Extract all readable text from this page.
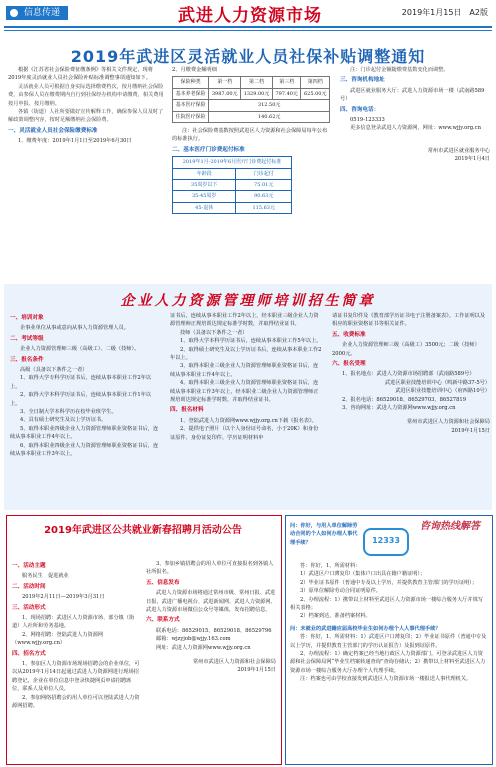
信息传递	武进人力资源市场	2019年1月15日　A2版
2019年武进区灵活就业人员社保补贴调整通知

根据《江苏省社会保险费征缴条例》等相关文件规定，现将2019年度灵活就业人员社会保险补贴标准调整事项通知如下。

灵活就业人员可根据自身实际选择缴费档次，按月缴纳社会保险费，由参保人员在缴费期内自行到社保经办机构申请缴费，相关费用按月申报、按月缴纳。

各镇（街道）人社所要做好宣传解释工作，确保参保人员及时了解政策调整内容，按时足额缴纳社会保险费。

一、灵活就业人员社会保险缴费标准

1、缴费年度：2019年1月1日至2019年6月30日

2、月缴费金额明细

保险种类	第一档	第二档	第三档	第四档
基本养老保险	3987.00元	1329.00元	797.40元	625.00元
基本医疗保险	312.50元			
住院医疗保险	140.62元			

注：社会保险费基数按照武进区人力资源和社会保障局每年公布的标准执行。

二、基本医疗门诊费起付标准

2019年1月-2019年6月医疗门诊费起付标准	
年龄段	门诊起付
35周岁以下	75.01元
35-45周岁	90.63元
45-退休	115.63元

注：门诊起付金额随缴费基数变化而调整。

三、咨询机构地址

武进区就业服务大厅：武进人力资源市场一楼（武南路589号）

四、咨询电话：

0519-123333

更多信息登录武进人力资源网，网址：www.wjjy.org.cn

常州市武进区就业服务中心

2019年1月4日

企业人力资源管理师培训招生简章

一、培训对象

企事业单位从事或意向从事人力资源管理人员。

二、考试等级

企业人力资源管理师三级（高级工）、二级（技师）。

三、报名条件

高级（具备以下条件之一者）

1、取得大学专科学历证书后，连续从事本职业工作2年以上。

2、取得大学本科学历证书后，连续从事本职业工作1年以上。

3、全日制大学本科学历在校毕业班学生。

4、具有硕士研究生及以上学历证书。

5、取得本职业四级企业人力资源管理师职业资格证书后，连续从事本职业工作4年以上。

6、取得本职业四级企业人力资源管理师职业资格证书后，连续从事本职业工作3年以上。

证书后，连续从事本职业工作2年以上，经本职业三级企业人力资源管理师正规培训达规定标准学时数，并取得结业证书。

技师（具备以下条件之一者）

1、取得大学本科学历证书后，连续从事本职业工作5年以上。

2、取得硕士研究生及以上学历证书后，连续从事本职业工作2年以上。

3、取得本职业三级企业人力资源管理师职业资格证书后，连续从事本职业工作4年以上。

4、取得本职业三级企业人力资源管理师职业资格证书后，连续从事本职业工作3年以上，经本职业二级企业人力资源管理师正规培训达规定标准学时数，并取得结业证书。

四、报名材料

1、登陆武进人力资源网www.wjjy.org.cn下载《报名表》。

2、提供电子照片（以个人身份证号命名，小于20K）和身份证原件、身份证复印件、学历证明材料申

请证书复印件及《教育部学历证书电子注册备案表》。工作证明以及相应的职业资格证书等相关证件。

五、收费标准

企业人力资源管理师三级（高级工）3500元；二级（技师）2000元。

六、报名受理

1、报名地点：武进人力资源市场招聘部（武南路589号）

武进区职业技能培训中心（鸣新中路37-5号）

武进区职业技能培训中心（府西路10号）

2、报名电话：86529018、86529703、86527819

3、咨询网址：武进人力资源网www.wjjy.org.cn

常州市武进区人力资源和社会保障局

2019年1月15日

2019年武进区公共就业新春招聘月活动公告

一、活动主题

服务民生　促进就业

二、活动时间

2019年2月11日—2019年3月31日

三、活动形式

1、现场招聘：武进区人力资源市场、部分镇（街道）人社所和劳务基地。

2、网络招聘：登陆武进人力资源网（www.wjjy.org.cn）

四、招名方式

1、参加区人力资源市场现场招聘会的企业单位，可以从2019年1月14日起通过武进人力资源网进行现场招聘登记，企业在单位信息中登录快捷网页申请招聘席位，联系人及单位人员。

2、参加网络招聘会的用人单位可以登陆武进人力资源网招聘。

3、参加乡镇招聘会的用人单位可直接报名到各镇人社所报名。

五、信息发布

武进人力资源市场将通过常州市级、常州日报、武进日报、武进广播电视台、武进新闻网、武进人力资源网、武进人力资源市场微信公众号等媒体，发布招聘信息。

六、联系方式

联系电话：86529015、86529018、86529796

邮箱：wjzyjob@wjjy.163.com

网址：武进人力资源网www.wjjy.org.cn

常州市武进区人力资源和社会保障局

2019年1月15日

12333
咨询热线解答

问：你好，与用人单位解除劳动合同的个人如何办理人事代理手续？

答：你好，1、所需材料：

1）武进区户口薄复印（集体户口出具在籍户籍证明）；

2）毕业证书原件（普通中专及以上学历，并提供教育主管部门的学历证明）；

3）原单位解除劳动合同证明原件。

2、办理流程：1）携带以上材料至武进区人力资源市场一楼综合服务大厅并填写相关表格；

2）档案到达，准备档案材料。

问：未就业的武进籍应届高校毕业生如何办理个人人事代理手续？

答：你好，1、所需材料：1）武进区户口薄复印；2）毕业证书原件（普通中专及以上学历，并提供教育主管部门的学历认证报告）及报到证原件。

2、办理流程：1）确定档案已经当地行政区人力资源部门，可登录武进区人力资源和社会保障局网“毕业生档案转递查询”查询存储认；2）携带以上材料至武进区人力资源市场一楼综合服务大厅办理个人代理手续。

注：档案也可由学校直接发到武进区人力资源市场一楼报送人事代理机关。
